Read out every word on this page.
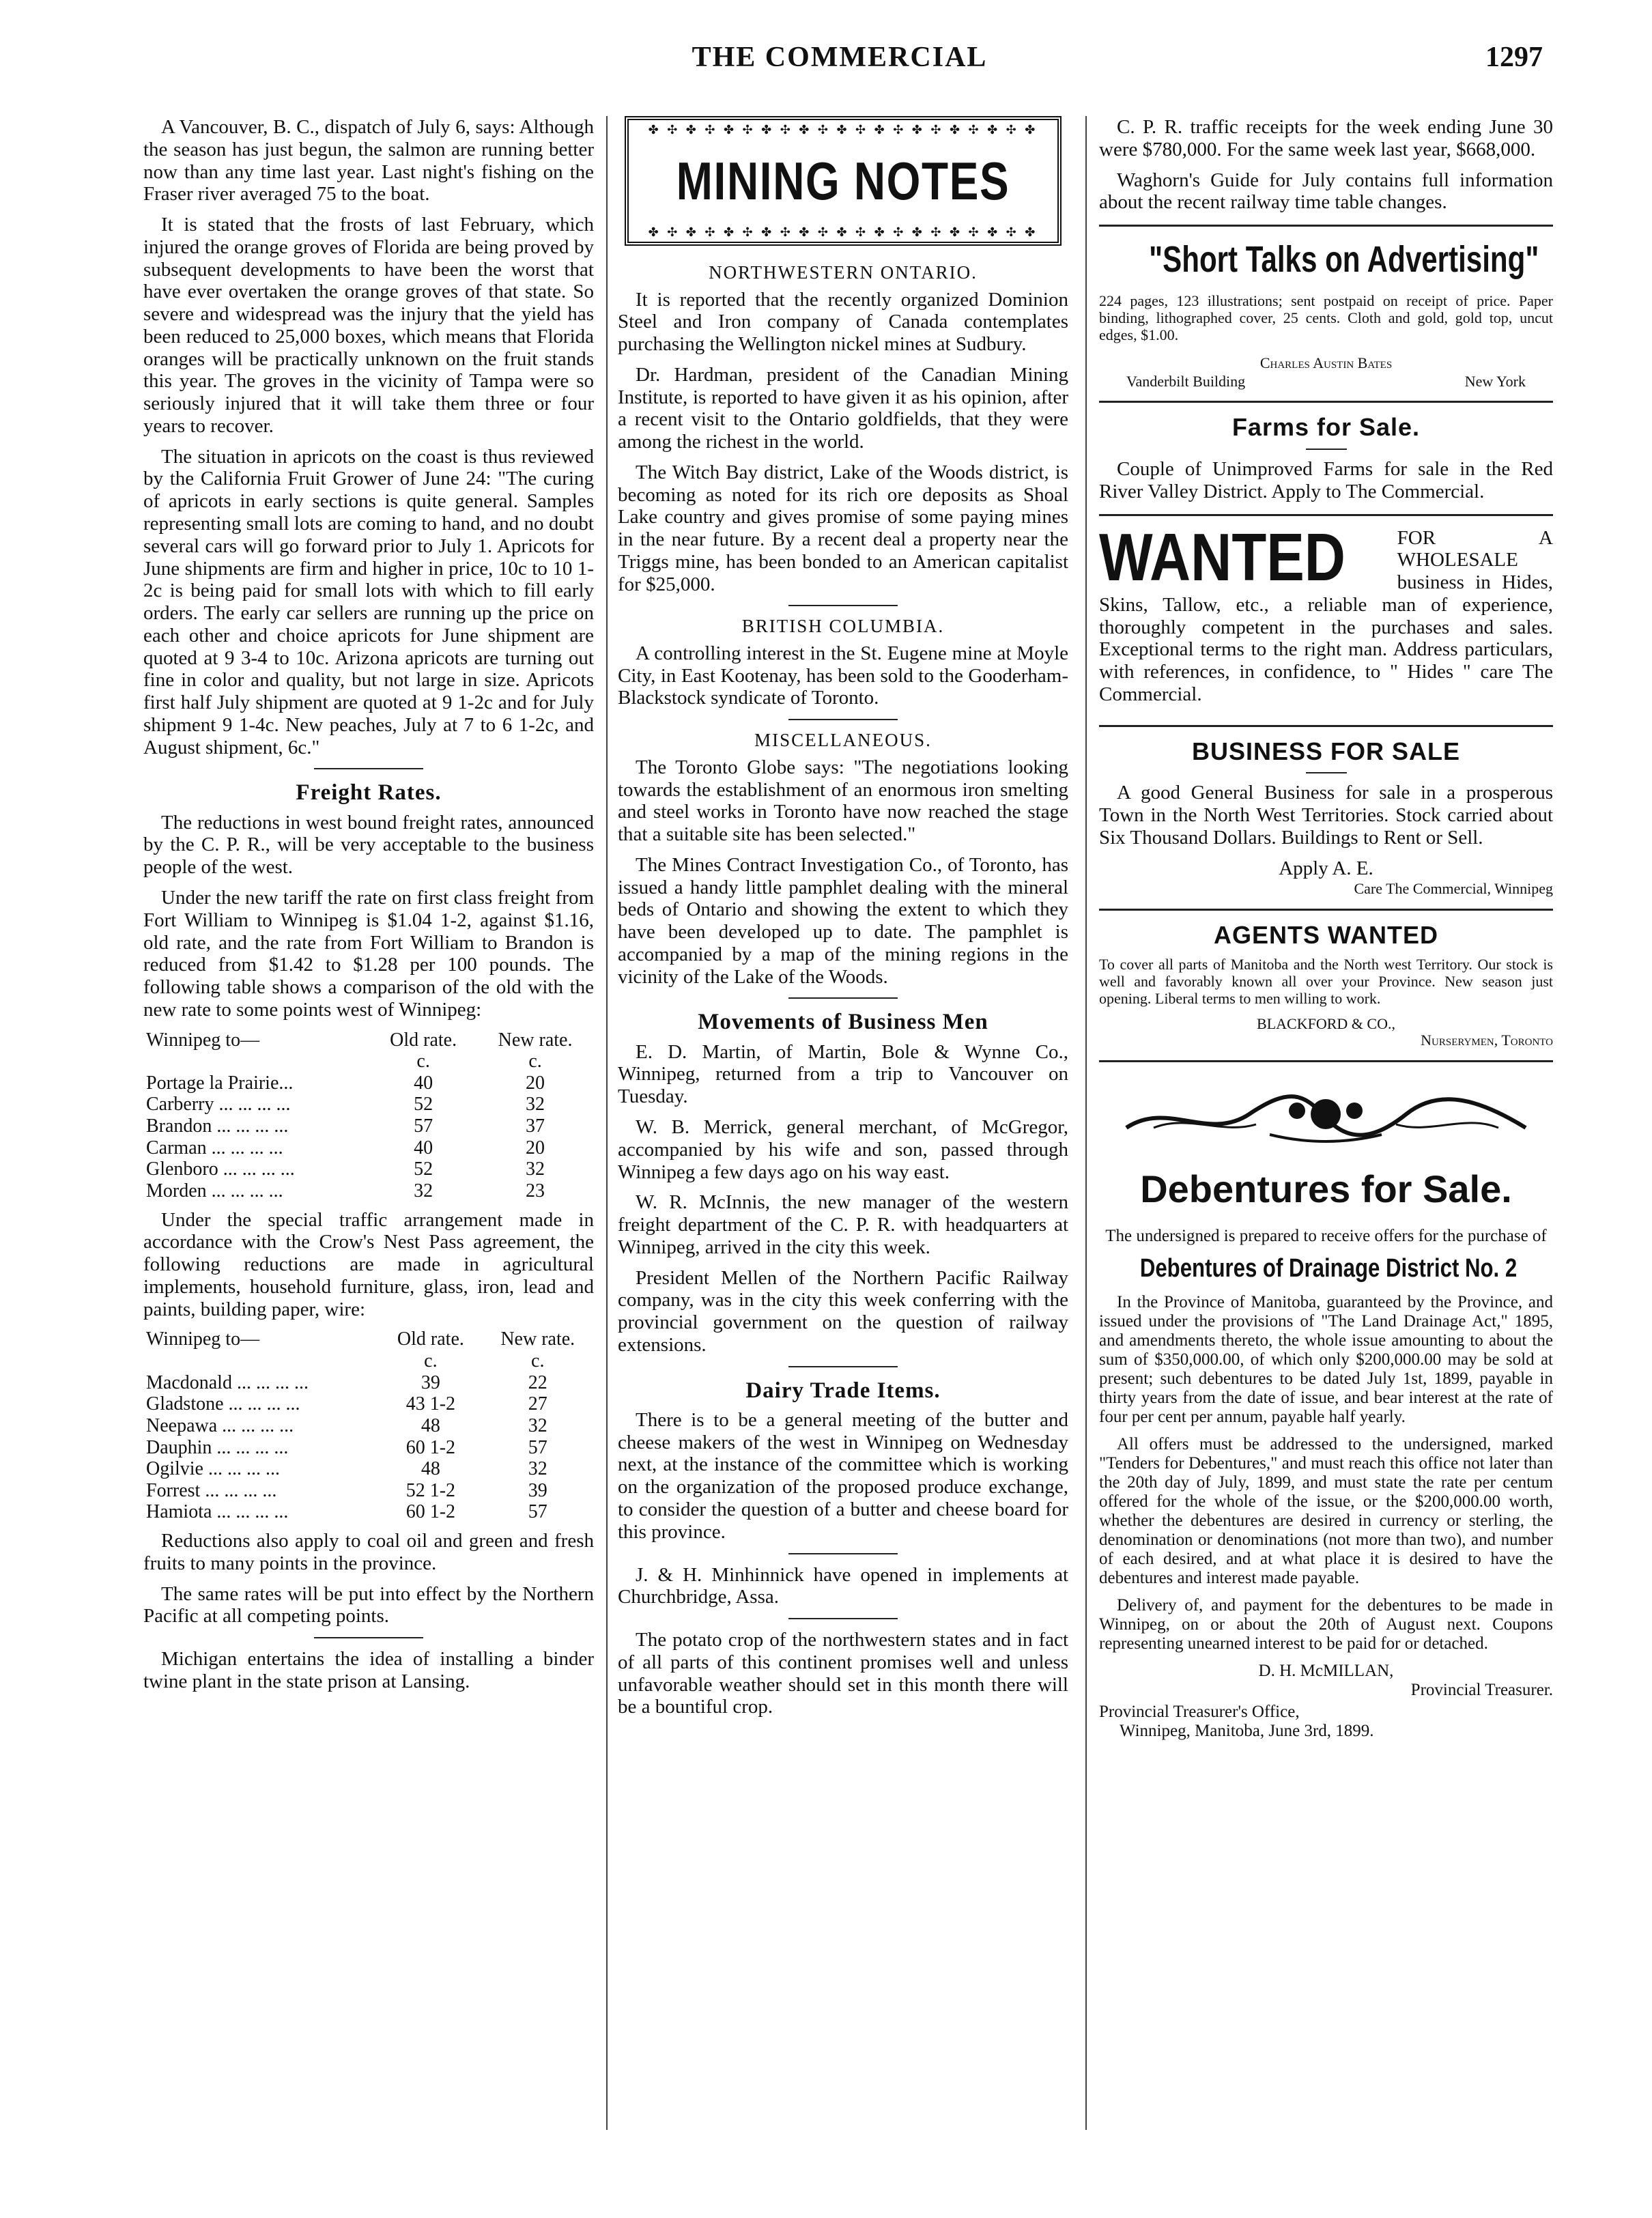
THE COMMERCIAL	1297

A Vancouver, B. C., dispatch of July 6, says: Although the season has just begun, the salmon are running better now than any time last year. Last night's fishing on the Fraser river averaged 75 to the boat.

It is stated that the frosts of last February, which injured the orange groves of Florida are being proved by subsequent developments to have been the worst that have ever overtaken the orange groves of that state. So severe and widespread was the injury that the yield has been reduced to 25,000 boxes, which means that Florida oranges will be practically unknown on the fruit stands this year. The groves in the vicinity of Tampa were so seriously injured that it will take them three or four years to recover.

The situation in apricots on the coast is thus reviewed by the California Fruit Grower of June 24: "The curing of apricots in early sections is quite general. Samples representing small lots are coming to hand, and no doubt several cars will go forward prior to July 1. Apricots for June shipments are firm and higher in price, 10c to 10 1-2c is being paid for small lots with which to fill early orders. The early car sellers are running up the price on each other and choice apricots for June shipment are quoted at 9 3-4 to 10c. Arizona apricots are turning out fine in color and quality, but not large in size. Apricots first half July shipment are quoted at 9 1-2c and for July shipment 9 1-4c. New peaches, July at 7 to 6 1-2c, and August shipment, 6c."

Freight Rates.

The reductions in west bound freight rates, announced by the C. P. R., will be very acceptable to the business people of the west.

Under the new tariff the rate on first class freight from Fort William to Winnipeg is $1.04 1-2, against $1.16, old rate, and the rate from Fort William to Brandon is reduced from $1.42 to $1.28 per 100 pounds. The following table shows a comparison of the old with the new rate to some points west of Winnipeg:

Winnipeg to—	Old rate.	New rate.
	c.	c.
Portage la Prairie...	40	20
Carberry ... ... ... ...	52	32
Brandon ... ... ... ...	57	37
Carman ... ... ... ...	40	20
Glenboro ... ... ... ...	52	32
Morden ... ... ... ...	32	23

Under the special traffic arrangement made in accordance with the Crow's Nest Pass agreement, the following reductions are made in agricultural implements, household furniture, glass, iron, lead and paints, building paper, wire:

Winnipeg to—	Old rate.	New rate.
	c.	c.
Macdonald ... ... ... ...	39	22
Gladstone ... ... ... ...	43 1-2	27
Neepawa ... ... ... ...	48	32
Dauphin ... ... ... ...	60 1-2	57
Ogilvie ... ... ... ...	48	32
Forrest ... ... ... ...	52 1-2	39
Hamiota ... ... ... ...	60 1-2	57

Reductions also apply to coal oil and green and fresh fruits to many points in the province.

The same rates will be put into effect by the Northern Pacific at all competing points.

Michigan entertains the idea of installing a binder twine plant in the state prison at Lansing.

✤ ✣ ✤ ✣ ✤ ✣ ✤ ✣ ✤ ✣ ✤ ✣ ✤ ✣ ✤ ✣ ✤ ✣ ✤ ✣ ✤
MINING NOTES
✤ ✣ ✤ ✣ ✤ ✣ ✤ ✣ ✤ ✣ ✤ ✣ ✤ ✣ ✤ ✣ ✤ ✣ ✤ ✣ ✤

NORTHWESTERN ONTARIO.

It is reported that the recently organized Dominion Steel and Iron company of Canada contemplates purchasing the Wellington nickel mines at Sudbury.

Dr. Hardman, president of the Canadian Mining Institute, is reported to have given it as his opinion, after a recent visit to the Ontario goldfields, that they were among the richest in the world.

The Witch Bay district, Lake of the Woods district, is becoming as noted for its rich ore deposits as Shoal Lake country and gives promise of some paying mines in the near future. By a recent deal a property near the Triggs mine, has been bonded to an American capitalist for $25,000.

BRITISH COLUMBIA.

A controlling interest in the St. Eugene mine at Moyle City, in East Kootenay, has been sold to the Gooderham-Blackstock syndicate of Toronto.

MISCELLANEOUS.

The Toronto Globe says: "The negotiations looking towards the establishment of an enormous iron smelting and steel works in Toronto have now reached the stage that a suitable site has been selected."

The Mines Contract Investigation Co., of Toronto, has issued a handy little pamphlet dealing with the mineral beds of Ontario and showing the extent to which they have been developed up to date. The pamphlet is accompanied by a map of the mining regions in the vicinity of the Lake of the Woods.

Movements of Business Men

E. D. Martin, of Martin, Bole & Wynne Co., Winnipeg, returned from a trip to Vancouver on Tuesday.

W. B. Merrick, general merchant, of McGregor, accompanied by his wife and son, passed through Winnipeg a few days ago on his way east.

W. R. McInnis, the new manager of the western freight department of the C. P. R. with headquarters at Winnipeg, arrived in the city this week.

President Mellen of the Northern Pacific Railway company, was in the city this week conferring with the provincial government on the question of railway extensions.

Dairy Trade Items.

There is to be a general meeting of the butter and cheese makers of the west in Winnipeg on Wednesday next, at the instance of the committee which is working on the organization of the proposed produce exchange, to consider the question of a butter and cheese board for this province.

J. & H. Minhinnick have opened in implements at Churchbridge, Assa.

The potato crop of the northwestern states and in fact of all parts of this continent promises well and unless unfavorable weather should set in this month there will be a bountiful crop.

C. P. R. traffic receipts for the week ending June 30 were $780,000. For the same week last year, $668,000.

Waghorn's Guide for July contains full information about the recent railway time table changes.

"Short Talks on Advertising"

224 pages, 123 illustrations; sent postpaid on receipt of price. Paper binding, lithographed cover, 25 cents. Cloth and gold, gold top, uncut edges, $1.00.

Charles Austin Bates

Vanderbilt Building	New York
Farms for Sale.

Couple of Unimproved Farms for sale in the Red River Valley District. Apply to The Commercial.

WANTED	FOR A WHOLESALE business in Hides, Skins, Tallow, etc., a reliable man of experience, thoroughly competent in the purchases and sales. Exceptional terms to the right man. Address particulars, with references, in confidence, to " Hides " care The Commercial.

BUSINESS FOR SALE

A good General Business for sale in a prosperous Town in the North West Territories. Stock carried about Six Thousand Dollars. Buildings to Rent or Sell.

Apply A. E.

Care The Commercial, Winnipeg

AGENTS WANTED

To cover all parts of Manitoba and the North west Territory. Our stock is well and favorably known all over your Province. New season just opening. Liberal terms to men willing to work.

BLACKFORD & CO.,

Nurserymen, Toronto

Debentures for Sale.

The undersigned is prepared to receive offers for the purchase of

Debentures of Drainage District No. 2

In the Province of Manitoba, guaranteed by the Province, and issued under the provisions of "The Land Drainage Act," 1895, and amendments thereto, the whole issue amounting to about the sum of $350,000.00, of which only $200,000.00 may be sold at present; such debentures to be dated July 1st, 1899, payable in thirty years from the date of issue, and bear interest at the rate of four per cent per annum, payable half yearly.

All offers must be addressed to the undersigned, marked "Tenders for Debentures," and must reach this office not later than the 20th day of July, 1899, and must state the rate per centum offered for the whole of the issue, or the $200,000.00 worth, whether the debentures are desired in currency or sterling, the denomination or denominations (not more than two), and number of each desired, and at what place it is desired to have the debentures and interest made payable.

Delivery of, and payment for the debentures to be made in Winnipeg, on or about the 20th of August next. Coupons representing unearned interest to be paid for or detached.

D. H. McMILLAN,

Provincial Treasurer.

Provincial Treasurer's Office,

Winnipeg, Manitoba, June 3rd, 1899.
